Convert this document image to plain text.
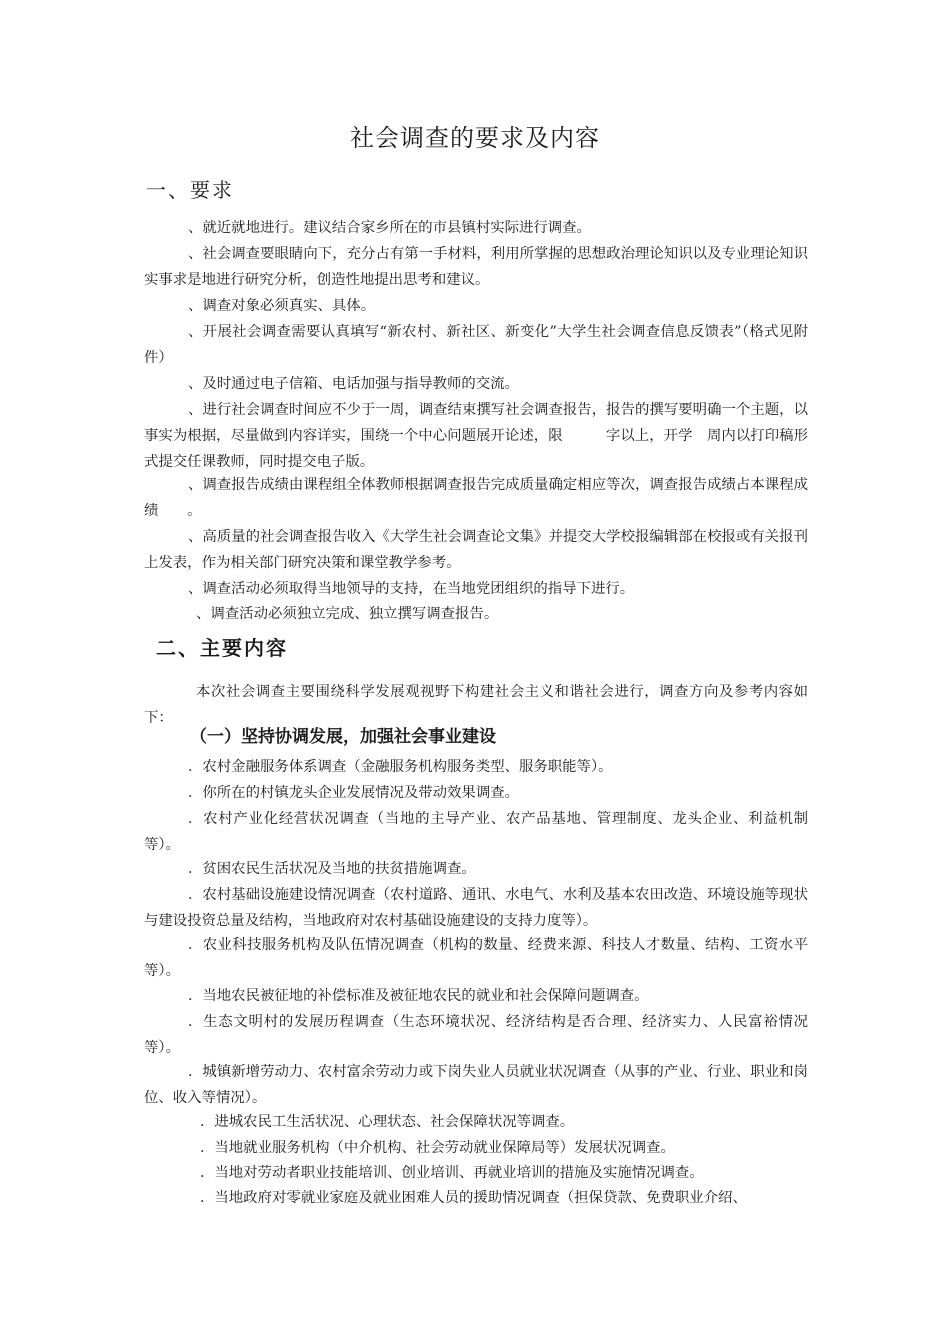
社会调查的要求及内容
一、要求
、就近就地进行。建议结合家乡所在的市县镇村实际进行调查。
、社会调查要眼睛向下，充分占有第一手材料，利用所掌握的思想政治理论知识以及专业理论知识实事求是地进行研究分析，创造性地提出思考和建议。
、调查对象必须真实、具体。
、开展社会调查需要认真填写“新农村、新社区、新变化”大学生社会调查信息反馈表”（格式见附件）
、及时通过电子信箱、电话加强与指导教师的交流。
、进行社会调查时间应不少于一周，调查结束撰写社会调查报告，报告的撰写要明确一个主题，以事实为根据，尽量做到内容详实，围绕一个中心问题展开论述，限　　　字以上，开学　周内以打印稿形式提交任课教师，同时提交电子版。
、调查报告成绩由课程组全体教师根据调查报告完成质量确定相应等次，调查报告成绩占本课程成绩　　。
、高质量的社会调查报告收入《大学生社会调查论文集》并提交大学校报编辑部在校报或有关报刊上发表，作为相关部门研究决策和课堂教学参考。
、调查活动必须取得当地领导的支持，在当地党团组织的指导下进行。
、调查活动必须独立完成、独立撰写调查报告。
二、主要内容
本次社会调查主要围绕科学发展观视野下构建社会主义和谐社会进行，调查方向及参考内容如下：
（一）坚持协调发展，加强社会事业建设
．农村金融服务体系调查（金融服务机构服务类型、服务职能等）。
．你所在的村镇龙头企业发展情况及带动效果调查。
．农村产业化经营状况调查（当地的主导产业、农产品基地、管理制度、龙头企业、利益机制等）。
．贫困农民生活状况及当地的扶贫措施调查。
．农村基础设施建设情况调查（农村道路、通讯、水电气、水利及基本农田改造、环境设施等现状与建设投资总量及结构，当地政府对农村基础设施建设的支持力度等）。
．农业科技服务机构及队伍情况调查（机构的数量、经费来源、科技人才数量、结构、工资水平等）。
．当地农民被征地的补偿标准及被征地农民的就业和社会保障问题调查。
．生态文明村的发展历程调查（生态环境状况、经济结构是否合理、经济实力、人民富裕情况等）。
．城镇新增劳动力、农村富余劳动力或下岗失业人员就业状况调查（从事的产业、行业、职业和岗位、收入等情况）。
．进城农民工生活状况、心理状态、社会保障状况等调查。
．当地就业服务机构（中介机构、社会劳动就业保障局等）发展状况调查。
．当地对劳动者职业技能培训、创业培训、再就业培训的措施及实施情况调查。
．当地政府对零就业家庭及就业困难人员的援助情况调查（担保贷款、免费职业介绍、
